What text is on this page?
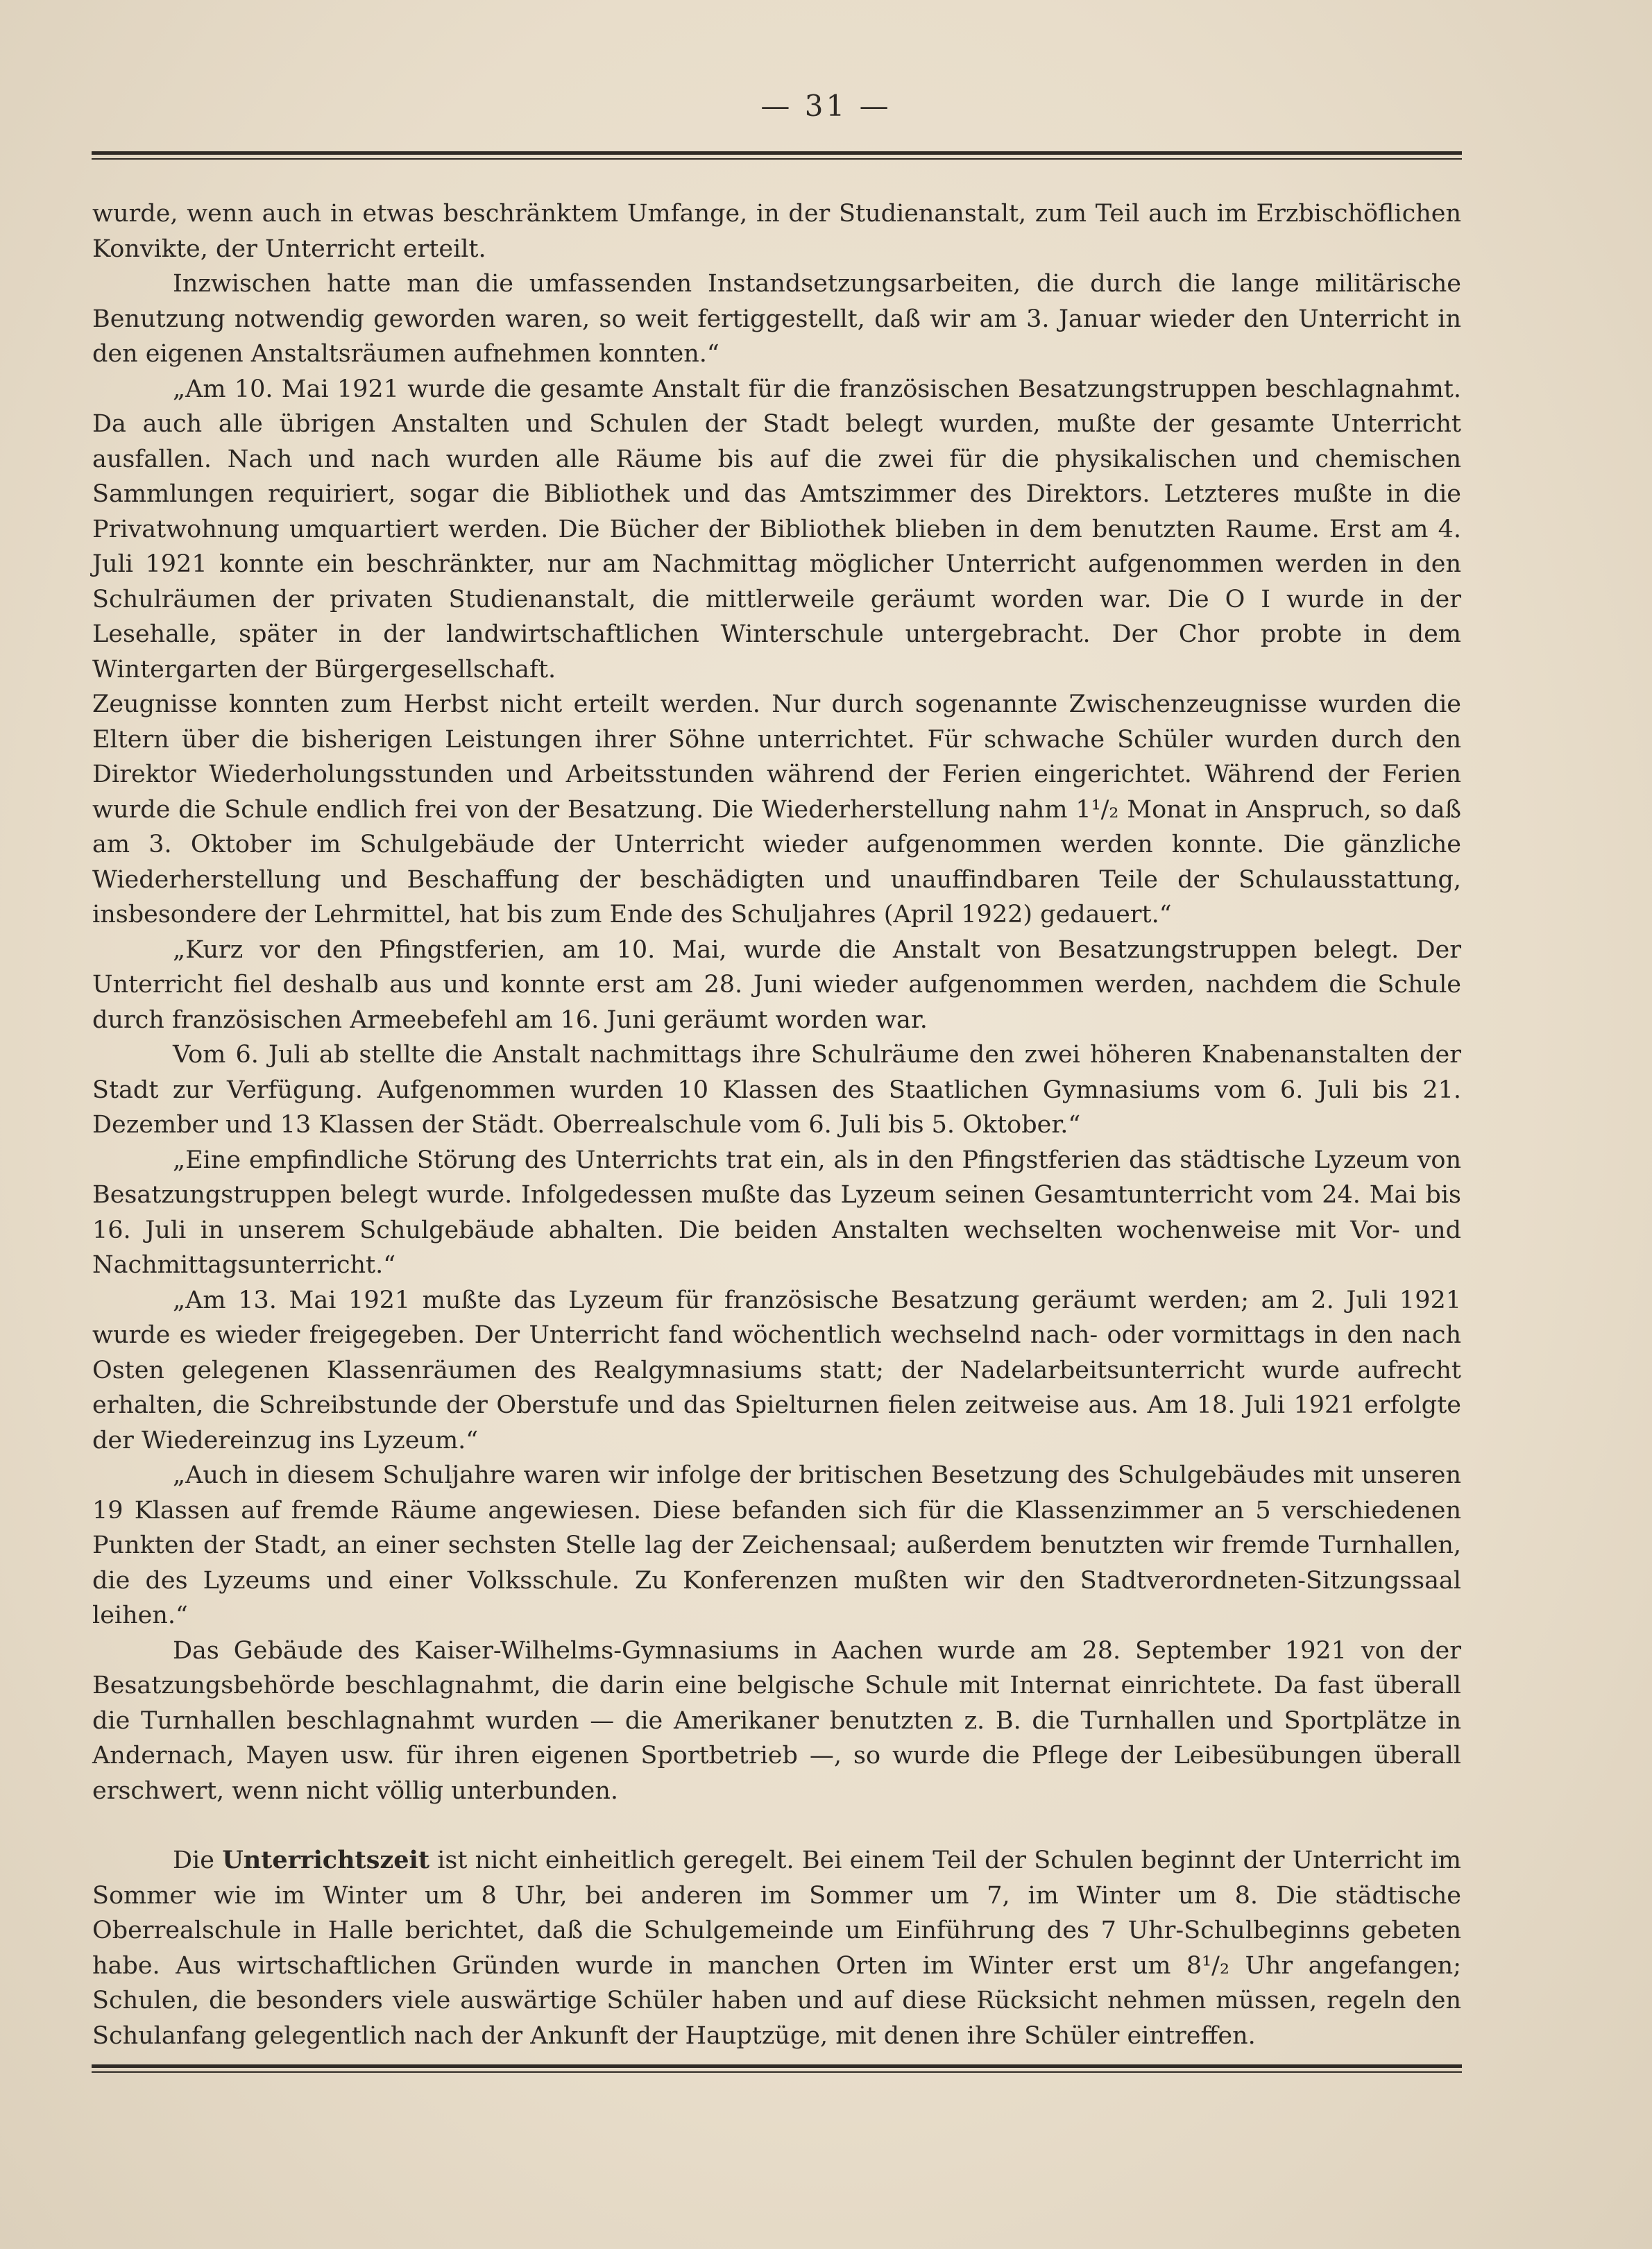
— 31 —

wurde, wenn auch in etwas beschränktem Umfange, in der Studienanstalt, zum Teil auch im Erzbischöflichen Konvikte, der Unterricht erteilt.

Inzwischen hatte man die umfassenden Instandsetzungsarbeiten, die durch die lange militärische Benutzung notwendig geworden waren, so weit fertiggestellt, daß wir am 3. Januar wieder den Unterricht in den eigenen Anstaltsräumen aufnehmen konnten.“

„Am 10. Mai 1921 wurde die gesamte Anstalt für die französischen Besatzungstruppen beschlagnahmt. Da auch alle übrigen Anstalten und Schulen der Stadt belegt wurden, mußte der gesamte Unterricht ausfallen. Nach und nach wurden alle Räume bis auf die zwei für die physikalischen und chemischen Sammlungen requiriert, sogar die Bibliothek und das Amtszimmer des Direktors. Letzteres mußte in die Privatwohnung umquartiert werden. Die Bücher der Bibliothek blieben in dem benutzten Raume. Erst am 4. Juli 1921 konnte ein beschränkter, nur am Nachmittag möglicher Unterricht aufgenommen werden in den Schulräumen der privaten Studienanstalt, die mittlerweile geräumt worden war. Die O I wurde in der Lesehalle, später in der landwirtschaftlichen Winterschule untergebracht. Der Chor probte in dem Wintergarten der Bürgergesellschaft.

Zeugnisse konnten zum Herbst nicht erteilt werden. Nur durch sogenannte Zwischenzeugnisse wurden die Eltern über die bisherigen Leistungen ihrer Söhne unterrichtet. Für schwache Schüler wurden durch den Direktor Wiederholungsstunden und Arbeitsstunden während der Ferien eingerichtet. Während der Ferien wurde die Schule endlich frei von der Besatzung. Die Wiederherstellung nahm 1¹/₂ Monat in Anspruch, so daß am 3. Oktober im Schulgebäude der Unterricht wieder aufgenommen werden konnte. Die gänzliche Wiederherstellung und Beschaffung der beschädigten und unauffindbaren Teile der Schulausstattung, insbesondere der Lehrmittel, hat bis zum Ende des Schuljahres (April 1922) gedauert.“

„Kurz vor den Pfingstferien, am 10. Mai, wurde die Anstalt von Besatzungstruppen belegt. Der Unterricht fiel deshalb aus und konnte erst am 28. Juni wieder aufgenommen werden, nachdem die Schule durch französischen Armeebefehl am 16. Juni geräumt worden war.

Vom 6. Juli ab stellte die Anstalt nachmittags ihre Schulräume den zwei höheren Knabenanstalten der Stadt zur Verfügung. Aufgenommen wurden 10 Klassen des Staatlichen Gymnasiums vom 6. Juli bis 21. Dezember und 13 Klassen der Städt. Oberrealschule vom 6. Juli bis 5. Oktober.“

„Eine empfindliche Störung des Unterrichts trat ein, als in den Pfingstferien das städtische Lyzeum von Besatzungstruppen belegt wurde. Infolgedessen mußte das Lyzeum seinen Gesamtunterricht vom 24. Mai bis 16. Juli in unserem Schulgebäude abhalten. Die beiden Anstalten wechselten wochenweise mit Vor- und Nachmittagsunterricht.“

„Am 13. Mai 1921 mußte das Lyzeum für französische Besatzung geräumt werden; am 2. Juli 1921 wurde es wieder freigegeben. Der Unterricht fand wöchentlich wechselnd nach- oder vormittags in den nach Osten gelegenen Klassenräumen des Realgymnasiums statt; der Nadelarbeitsunterricht wurde aufrecht erhalten, die Schreibstunde der Oberstufe und das Spielturnen fielen zeitweise aus. Am 18. Juli 1921 erfolgte der Wiedereinzug ins Lyzeum.“

„Auch in diesem Schuljahre waren wir infolge der britischen Besetzung des Schulgebäudes mit unseren 19 Klassen auf fremde Räume angewiesen. Diese befanden sich für die Klassenzimmer an 5 verschiedenen Punkten der Stadt, an einer sechsten Stelle lag der Zeichensaal; außerdem benutzten wir fremde Turnhallen, die des Lyzeums und einer Volksschule. Zu Konferenzen mußten wir den Stadtverordneten-Sitzungssaal leihen.“

Das Gebäude des Kaiser-Wilhelms-Gymnasiums in Aachen wurde am 28. September 1921 von der Besatzungsbehörde beschlagnahmt, die darin eine belgische Schule mit Internat einrichtete. Da fast überall die Turnhallen beschlagnahmt wurden — die Amerikaner benutzten z. B. die Turnhallen und Sportplätze in Andernach, Mayen usw. für ihren eigenen Sportbetrieb —, so wurde die Pflege der Leibesübungen überall erschwert, wenn nicht völlig unterbunden.

Die Unterrichtszeit ist nicht einheitlich geregelt. Bei einem Teil der Schulen beginnt der Unterricht im Sommer wie im Winter um 8 Uhr, bei anderen im Sommer um 7, im Winter um 8. Die städtische Oberrealschule in Halle berichtet, daß die Schulgemeinde um Einführung des 7 Uhr-Schulbeginns gebeten habe. Aus wirtschaftlichen Gründen wurde in manchen Orten im Winter erst um 8¹/₂ Uhr angefangen; Schulen, die besonders viele auswärtige Schüler haben und auf diese Rücksicht nehmen müssen, regeln den Schulanfang gelegentlich nach der Ankunft der Hauptzüge, mit denen ihre Schüler eintreffen.
